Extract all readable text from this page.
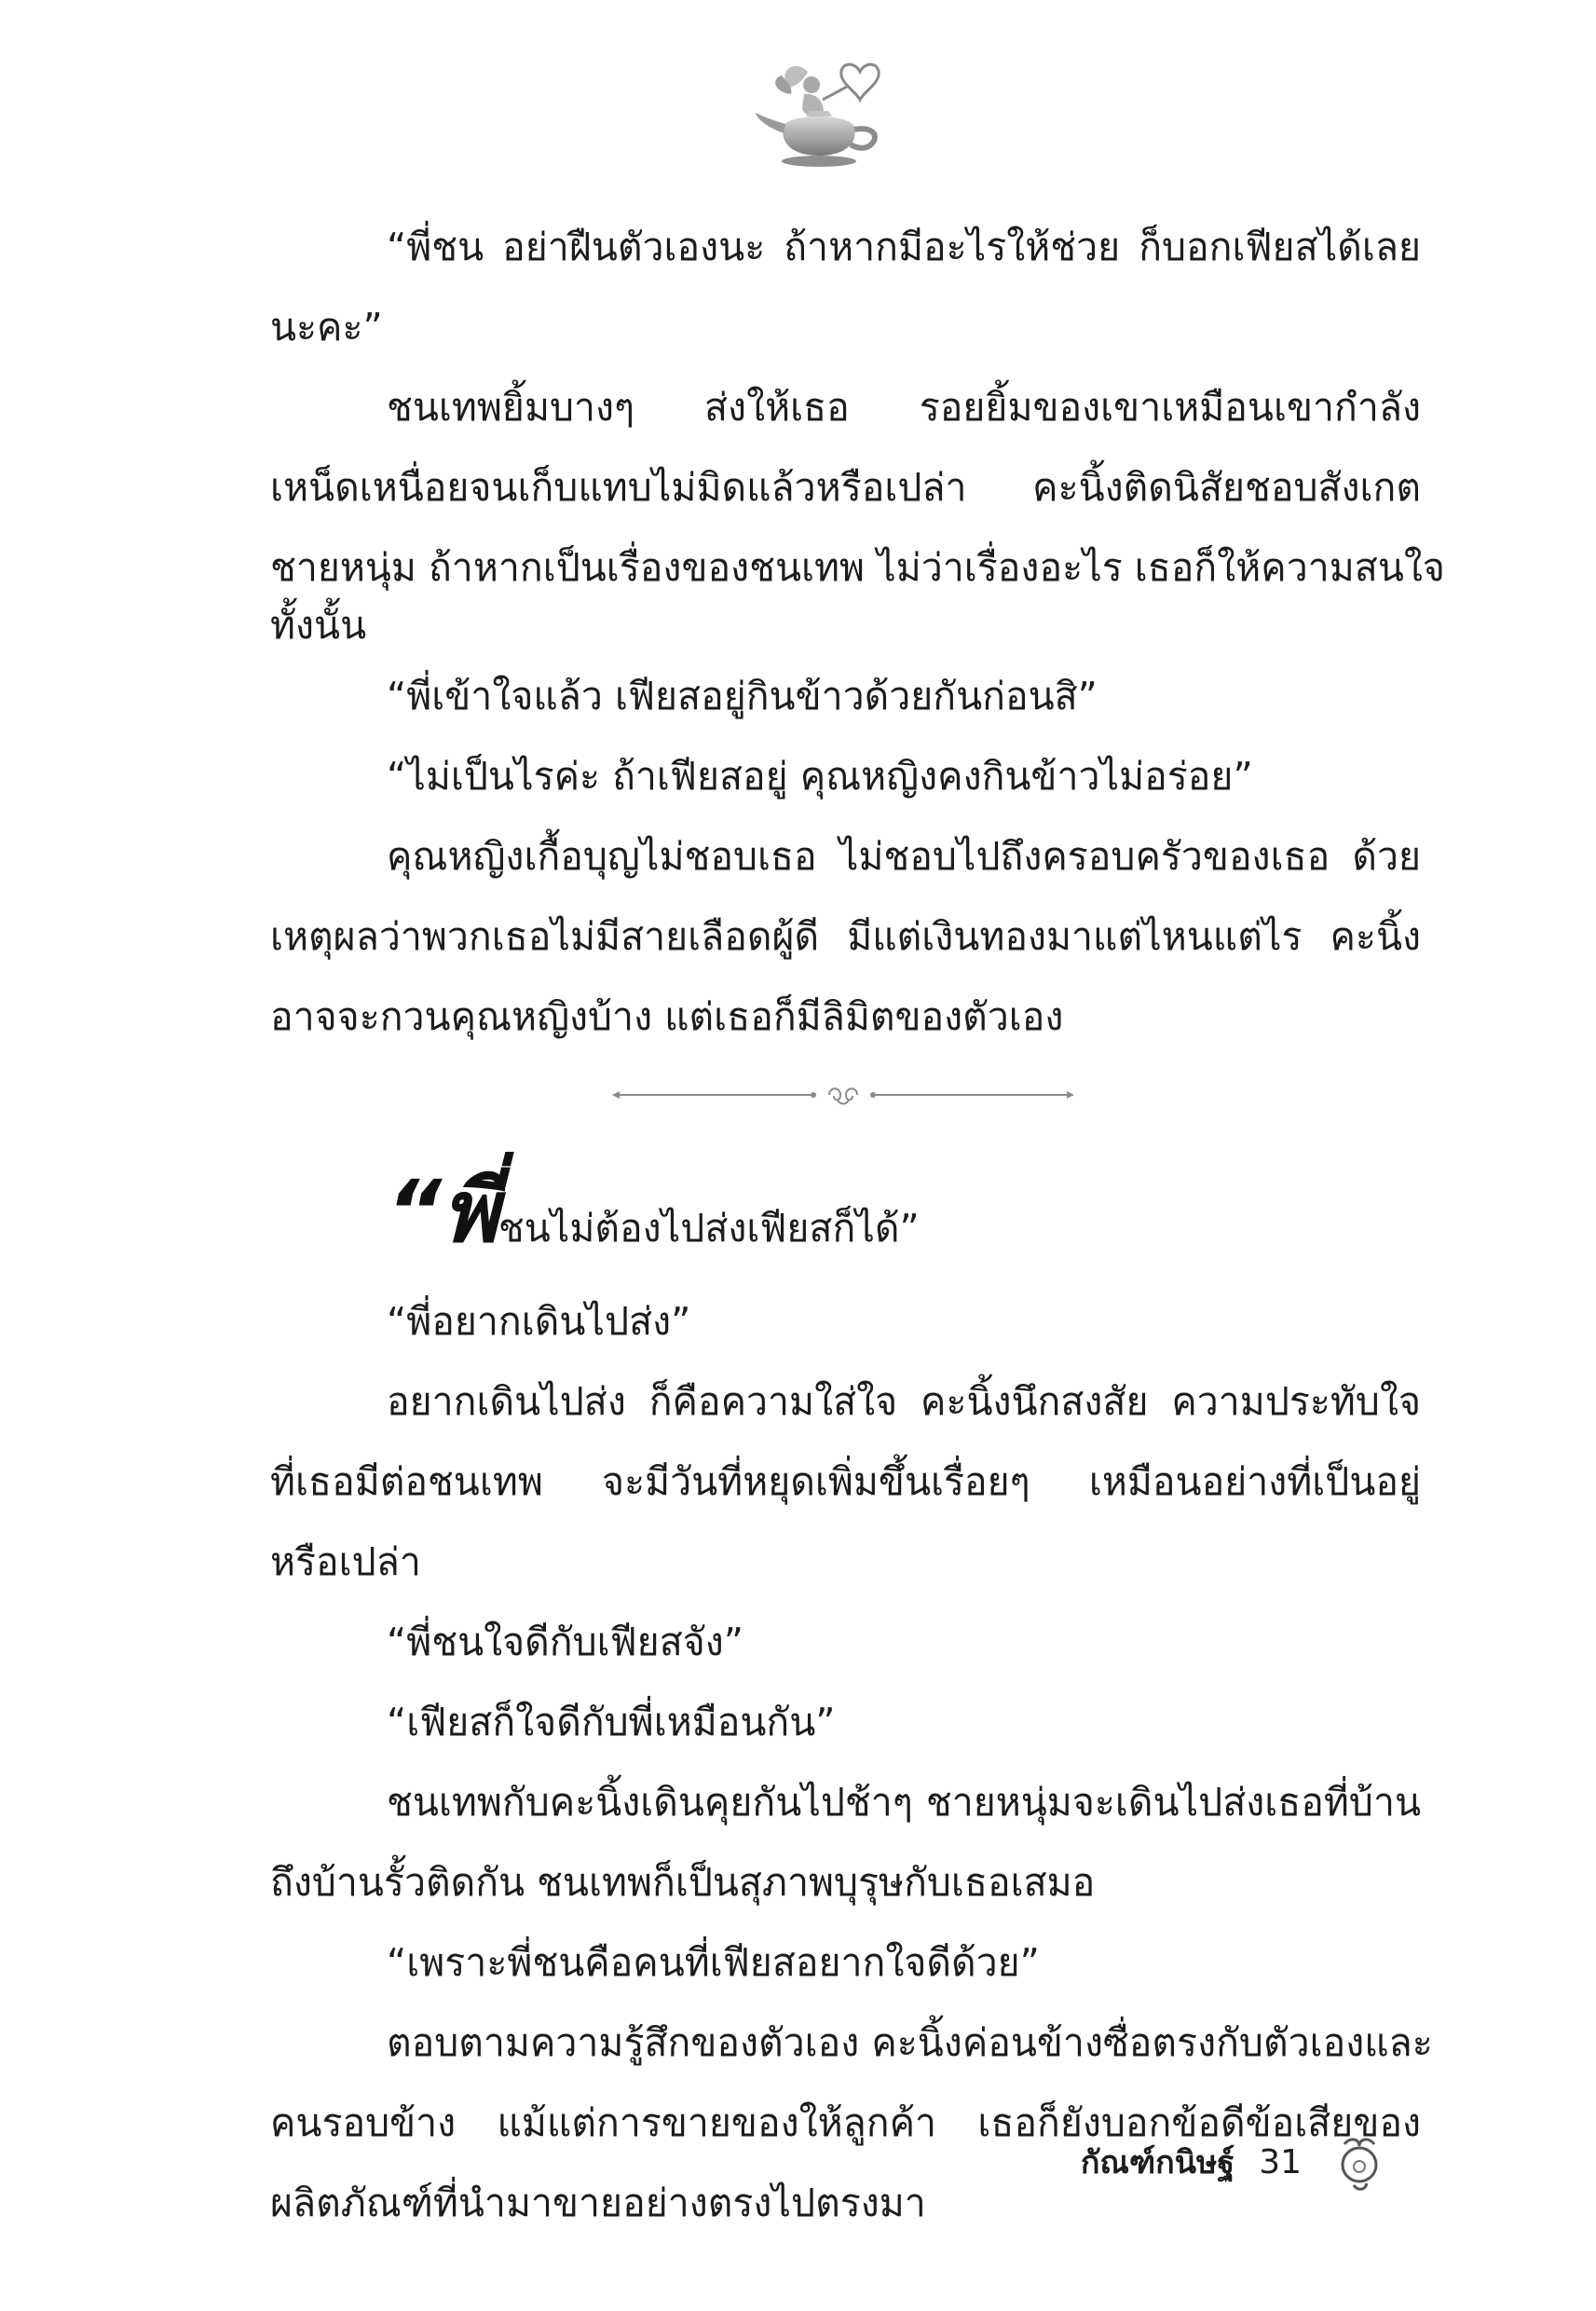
“พี่ชน อย่าฝืนตัวเองนะ ถ้าหากมีอะไรให้ช่วย ก็บอกเฟียสได้เลย
นะคะ”
ชนเทพยิ้มบางๆ ส่งให้เธอ รอยยิ้มของเขาเหมือนเขากำลัง
เหน็ดเหนื่อยจนเก็บแทบไม่มิดแล้วหรือเปล่า คะนิ้งติดนิสัยชอบสังเกต
ชายหนุ่ม ถ้าหากเป็นเรื่องของชนเทพ ไม่ว่าเรื่องอะไร เธอก็ให้ความสนใจ
ทั้งนั้น
“พี่เข้าใจแล้ว เฟียสอยู่กินข้าวด้วยกันก่อนสิ”
“ไม่เป็นไรค่ะ ถ้าเฟียสอยู่ คุณหญิงคงกินข้าวไม่อร่อย”
คุณหญิงเกื้อบุญไม่ชอบเธอ ไม่ชอบไปถึงครอบครัวของเธอ ด้วย
เหตุผลว่าพวกเธอไม่มีสายเลือดผู้ดี มีแต่เงินทองมาแต่ไหนแต่ไร คะนิ้ง
อาจจะกวนคุณหญิงบ้าง แต่เธอก็มีลิมิตของตัวเอง
“พี่ชนไม่ต้องไปส่งเฟียสก็ได้”
“พี่อยากเดินไปส่ง”
อยากเดินไปส่ง ก็คือความใส่ใจ คะนิ้งนึกสงสัย ความประทับใจ
ที่เธอมีต่อชนเทพ จะมีวันที่หยุดเพิ่มขึ้นเรื่อยๆ เหมือนอย่างที่เป็นอยู่
หรือเปล่า
“พี่ชนใจดีกับเฟียสจัง”
“เฟียสก็ใจดีกับพี่เหมือนกัน”
ชนเทพกับคะนิ้งเดินคุยกันไปช้าๆ ชายหนุ่มจะเดินไปส่งเธอที่บ้าน
ถึงบ้านรั้วติดกัน ชนเทพก็เป็นสุภาพบุรุษกับเธอเสมอ
“เพราะพี่ชนคือคนที่เฟียสอยากใจดีด้วย”
ตอบตามความรู้สึกของตัวเอง คะนิ้งค่อนข้างซื่อตรงกับตัวเองและ
คนรอบข้าง แม้แต่การขายของให้ลูกค้า เธอก็ยังบอกข้อดีข้อเสียของ
ผลิตภัณฑ์ที่นำมาขายอย่างตรงไปตรงมา
กัณฑ์กนิษฐ์ 31
